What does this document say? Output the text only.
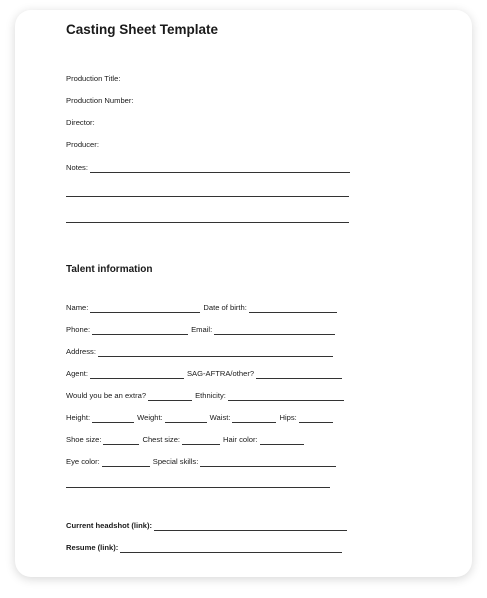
Casting Sheet Template
Production Title:
Production Number:
Director:
Producer:
Notes:
Talent information
Name:	Date of birth:
Phone:	Email:
Address:
Agent:	SAG-AFTRA/other?
Would you be an extra?	Ethnicity:
Height:	Weight:	Waist:	Hips:
Shoe size:	Chest size:	Hair color:
Eye color:	Special skills:
Current headshot (link):
Resume (link):
